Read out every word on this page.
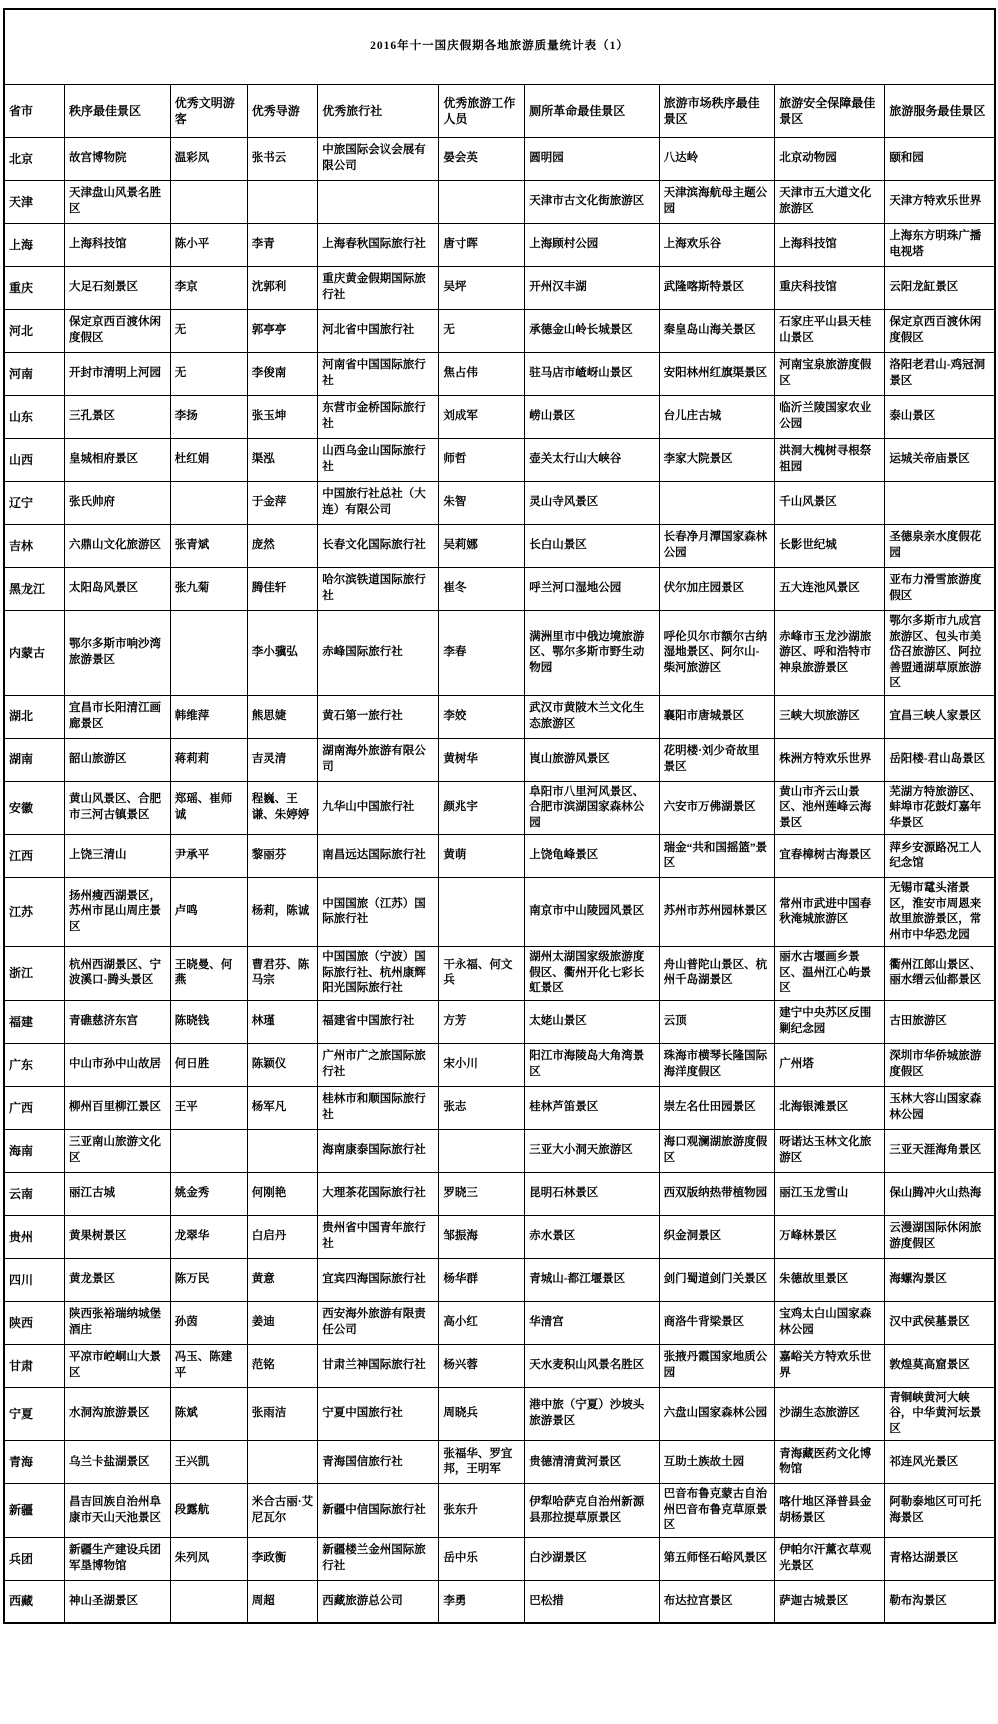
2016年十一国庆假期各地旅游质量统计表（1）									
省市	秩序最佳景区	优秀文明游客	优秀导游	优秀旅行社	优秀旅游工作人员	厕所革命最佳景区	旅游市场秩序最佳景区	旅游安全保障最佳景区	旅游服务最佳景区
北京	故宫博物院	温彩凤	张书云	中旅国际会议会展有限公司	晏会英	圆明园	八达岭	北京动物园	颐和园
天津	天津盘山风景名胜区					天津市古文化街旅游区	天津滨海航母主题公园	天津市五大道文化旅游区	天津方特欢乐世界
上海	上海科技馆	陈小平	李青	上海春秋国际旅行社	唐寸晖	上海顾村公园	上海欢乐谷	上海科技馆	上海东方明珠广播电视塔
重庆	大足石刻景区	李京	沈郭利	重庆黄金假期国际旅行社	吴坪	开州汉丰湖	武隆喀斯特景区	重庆科技馆	云阳龙缸景区
河北	保定京西百渡休闲度假区	无	郭亭亭	河北省中国旅行社	无	承德金山岭长城景区	秦皇岛山海关景区	石家庄平山县天桂山景区	保定京西百渡休闲度假区
河南	开封市清明上河园	无	李俊南	河南省中国国际旅行社	焦占伟	驻马店市嵖岈山景区	安阳林州红旗渠景区	河南宝泉旅游度假区	洛阳老君山-鸡冠洞景区
山东	三孔景区	李扬	张玉坤	东营市金桥国际旅行社	刘成军	崂山景区	台儿庄古城	临沂兰陵国家农业公园	泰山景区
山西	皇城相府景区	杜红娟	渠泓	山西乌金山国际旅行社	师哲	壶关太行山大峡谷	李家大院景区	洪洞大槐树寻根祭祖园	运城关帝庙景区
辽宁	张氏帅府		于金萍	中国旅行社总社（大连）有限公司	朱智	灵山寺风景区		千山风景区	
吉林	六鼎山文化旅游区	张青斌	庞然	长春文化国际旅行社	吴莉娜	长白山景区	长春净月潭国家森林公园	长影世纪城	圣德泉亲水度假花园
黑龙江	太阳岛风景区	张九菊	腾佳轩	哈尔滨铁道国际旅行社	崔冬	呼兰河口湿地公园	伏尔加庄园景区	五大连池风景区	亚布力滑雪旅游度假区
内蒙古	鄂尔多斯市响沙湾旅游景区		李小骥弘	赤峰国际旅行社	李春	满洲里市中俄边境旅游区、鄂尔多斯市野生动物园	呼伦贝尔市额尔古纳湿地景区、阿尔山-柴河旅游区	赤峰市玉龙沙湖旅游区、呼和浩特市神泉旅游景区	鄂尔多斯市九成宫旅游区、包头市美岱召旅游区、阿拉善盟通湖草原旅游区
湖北	宜昌市长阳清江画廊景区	韩维萍	熊思婕	黄石第一旅行社	李姣	武汉市黄陂木兰文化生态旅游区	襄阳市唐城景区	三峡大坝旅游区	宜昌三峡人家景区
湖南	韶山旅游区	蒋莉莉	吉灵清	湖南海外旅游有限公司	黄树华	崀山旅游风景区	花明楼·刘少奇故里景区	株洲方特欢乐世界	岳阳楼-君山岛景区
安徽	黄山风景区、合肥市三河古镇景区	郑瑶、崔师诚	程巍、王谦、朱婷婷	九华山中国旅行社	颜兆宇	阜阳市八里河风景区、合肥市滨湖国家森林公园	六安市万佛湖景区	黄山市齐云山景区、池州莲峰云海景区	芜湖方特旅游区、蚌埠市花鼓灯嘉年华景区
江西	上饶三清山	尹承平	黎丽芬	南昌远达国际旅行社	黄萌	上饶龟峰景区	瑞金“共和国摇篮”景区	宜春樟树古海景区	萍乡安源路况工人纪念馆
江苏	扬州瘦西湖景区，苏州市昆山周庄景区	卢鸣	杨莉，陈诚	中国国旅（江苏）国际旅行社		南京市中山陵园风景区	苏州市苏州园林景区	常州市武进中国春秋淹城旅游区	无锡市鼋头渚景区，淮安市周恩来故里旅游景区，常州市中华恐龙园
浙江	杭州西湖景区、宁波溪口-腾头景区	王晓曼、何燕	曹君芬、陈马宗	中国国旅（宁波）国际旅行社、杭州康辉阳光国际旅行社	干永福、何文兵	湖州太湖国家级旅游度假区、衢州开化七彩长虹景区	舟山普陀山景区、杭州千岛湖景区	丽水古堰画乡景区、温州江心屿景区	衢州江郎山景区、丽水缙云仙都景区
福建	青礁慈济东宫	陈晓钱	林瑾	福建省中国旅行社	方芳	太姥山景区	云顶	建宁中央苏区反围剿纪念园	古田旅游区
广东	中山市孙中山故居	何日胜	陈颖仪	广州市广之旅国际旅行社	宋小川	阳江市海陵岛大角湾景区	珠海市横琴长隆国际海洋度假区	广州塔	深圳市华侨城旅游度假区
广西	柳州百里柳江景区	王平	杨军凡	桂林市和顺国际旅行社	张志	桂林芦笛景区	崇左名仕田园景区	北海银滩景区	玉林大容山国家森林公园
海南	三亚南山旅游文化区			海南康泰国际旅行社		三亚大小洞天旅游区	海口观澜湖旅游度假区	呀诺达玉林文化旅游区	三亚天涯海角景区
云南	丽江古城	姚金秀	何刚艳	大理茶花国际旅行社	罗晓三	昆明石林景区	西双版纳热带植物园	丽江玉龙雪山	保山腾冲火山热海
贵州	黄果树景区	龙翠华	白启丹	贵州省中国青年旅行社	邹振海	赤水景区	织金洞景区	万峰林景区	云漫湖国际休闲旅游度假区
四川	黄龙景区	陈万民	黄意	宜宾四海国际旅行社	杨华群	青城山-都江堰景区	剑门蜀道剑门关景区	朱德故里景区	海螺沟景区
陕西	陕西张裕瑞纳城堡酒庄	孙茵	姜迪	西安海外旅游有限责任公司	高小红	华清宫	商洛牛背梁景区	宝鸡太白山国家森林公园	汉中武侯墓景区
甘肃	平凉市崆峒山大景区	冯玉、陈建平	范铭	甘肃兰神国际旅行社	杨兴蓉	天水麦积山风景名胜区	张掖丹霞国家地质公园	嘉峪关方特欢乐世界	敦煌莫高窟景区
宁夏	水洞沟旅游景区	陈斌	张雨洁	宁夏中国旅行社	周晓兵	港中旅（宁夏）沙坡头旅游景区	六盘山国家森林公园	沙湖生态旅游区	青铜峡黄河大峡谷，中华黄河坛景区
青海	乌兰卡盐湖景区	王兴凯		青海国信旅行社	张福华、罗宜邦，王明军	贵德清清黄河景区	互助土族故土园	青海藏医药文化博物馆	祁连风光景区
新疆	昌吉回族自治州阜康市天山天池景区	段露航	米合古丽·艾尼瓦尔	新疆中信国际旅行社	张东升	伊犁哈萨克自治州新源县那拉提草原景区	巴音布鲁克蒙古自治州巴音布鲁克草原景区	喀什地区泽普县金胡杨景区	阿勒泰地区可可托海景区
兵团	新疆生产建设兵团军垦博物馆	朱列凤	李政衡	新疆楼兰金州国际旅行社	岳中乐	白沙湖景区	第五师怪石峪风景区	伊帕尔汗薰衣草观光景区	青格达湖景区
西藏	神山圣湖景区		周超	西藏旅游总公司	李勇	巴松措	布达拉宫景区	萨迦古城景区	勒布沟景区
